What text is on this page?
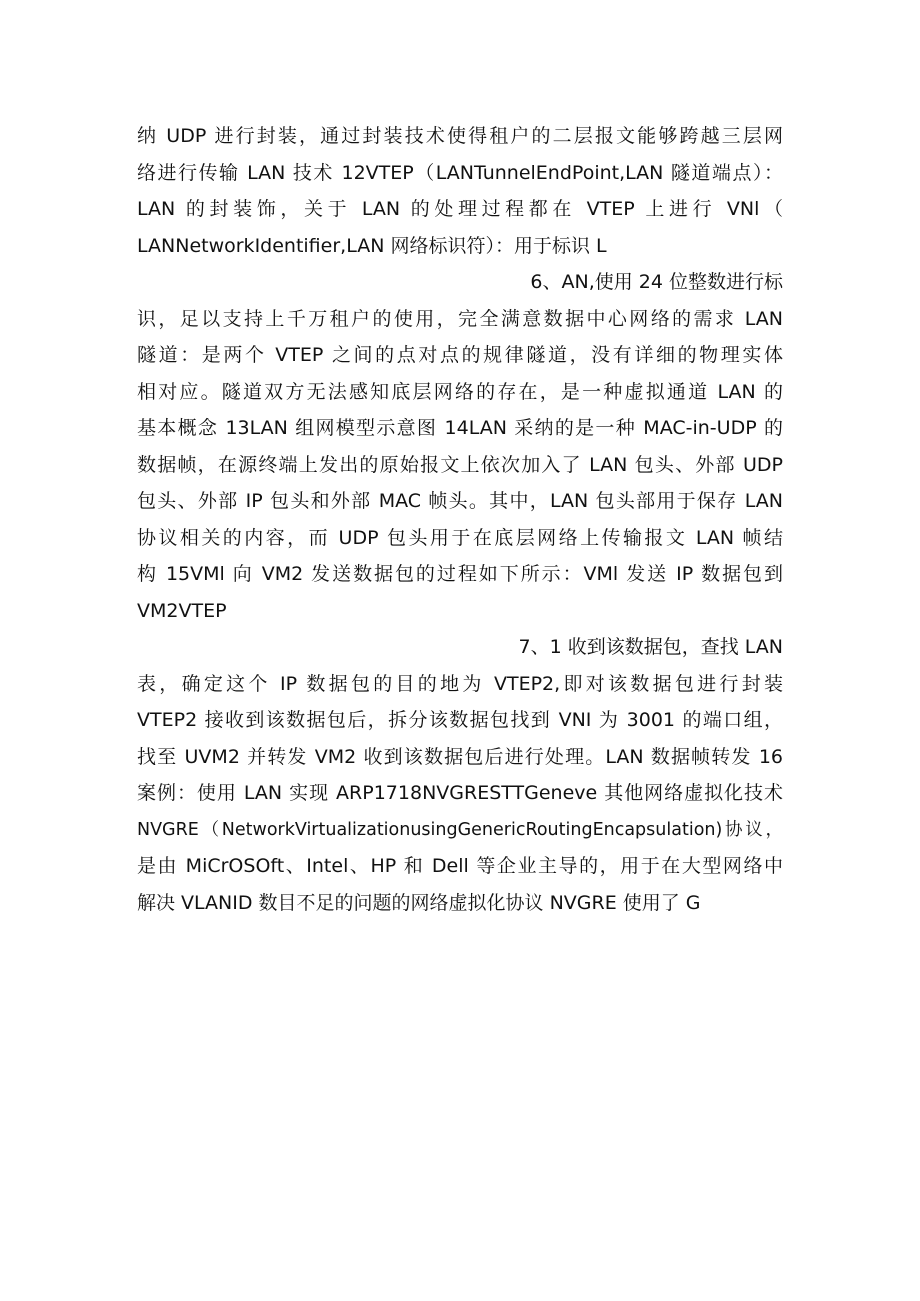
纳 UDP 进行封装，通过封装技术使得租户的二层报文能够跨越三层网
络进行传输 LAN 技术 12VTEP（LANTunnelEndPoint,LAN 隧道端点）：
LAN 的封装饰，关于 LAN 的处理过程都在 VTEP 上进行 VNl（
LANNetworkIdentifier,LAN 网络标识符）：用于标识 L
6、AN,使用 24 位整数进行标
识，足以支持上千万租户的使用，完全满意数据中心网络的需求 LAN
隧道：是两个 VTEP 之间的点对点的规律隧道，没有详细的物理实体
相对应。隧道双方无法感知底层网络的存在，是一种虚拟通道 LAN 的
基本概念 13LAN 组网模型示意图 14LAN 采纳的是一种 MAC-in-UDP 的
数据帧，在源终端上发出的原始报文上依次加入了 LAN 包头、外部 UDP
包头、外部 IP 包头和外部 MAC 帧头。其中，LAN 包头部用于保存 LAN
协议相关的内容，而 UDP 包头用于在底层网络上传输报文 LAN 帧结
构 15VMl 向 VM2 发送数据包的过程如下所示：VMl 发送 IP 数据包到
VM2VTEP
7、1 收到该数据包，查找 LAN
表，确定这个 IP 数据包的目的地为 VTEP2,即对该数据包进行封装
VTEP2 接收到该数据包后，拆分该数据包找到 VNI 为 3001 的端口组，
找至 UVM2 并转发 VM2 收到该数据包后进行处理。LAN 数据帧转发 16
案例：使用 LAN 实现 ARP1718NVGRESTTGeneve 其他网络虚拟化技术
NVGRE（NetworkVirtualizationusingGenericRoutingEncapsulation)协议，
是由 MiCrOSOft、Intel、HP 和 Dell 等企业主导的，用于在大型网络中
解决 VLANID 数目不足的问题的网络虚拟化协议 NVGRE 使用了 G
